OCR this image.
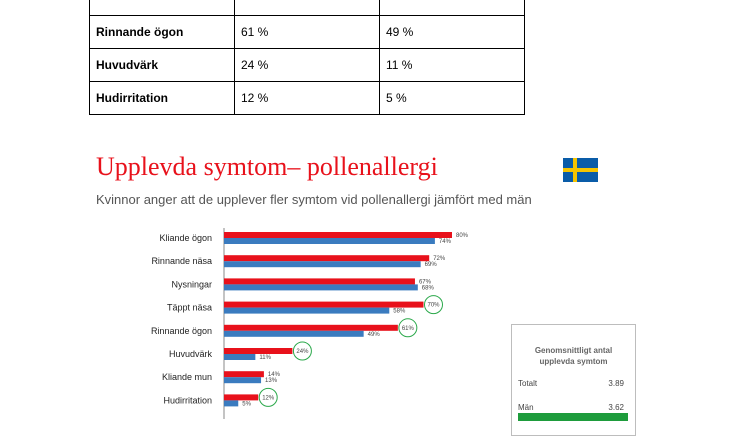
Rinnande ögon	61 %	49 %
Huvudvärk	24 %	11 %
Hudirritation	12 %	5 %
Upplevda symtom– pollenallergi
Kvinnor anger att de upplever fler symtom vid pollenallergi jämfört med män
Kliande ögon	80%
74%
Rinnande näsa	72%
69%
Nysningar	67%
68%
Täppt näsa	70%
58%
Rinnande ögon	61%
49%
Huvudvärk	24%
11%
Kliande mun	14%
13%
Hudirritation	12%
5%
Genomsnittligt antal
upplevda symtom
Totalt	3.89
Män	3.62
